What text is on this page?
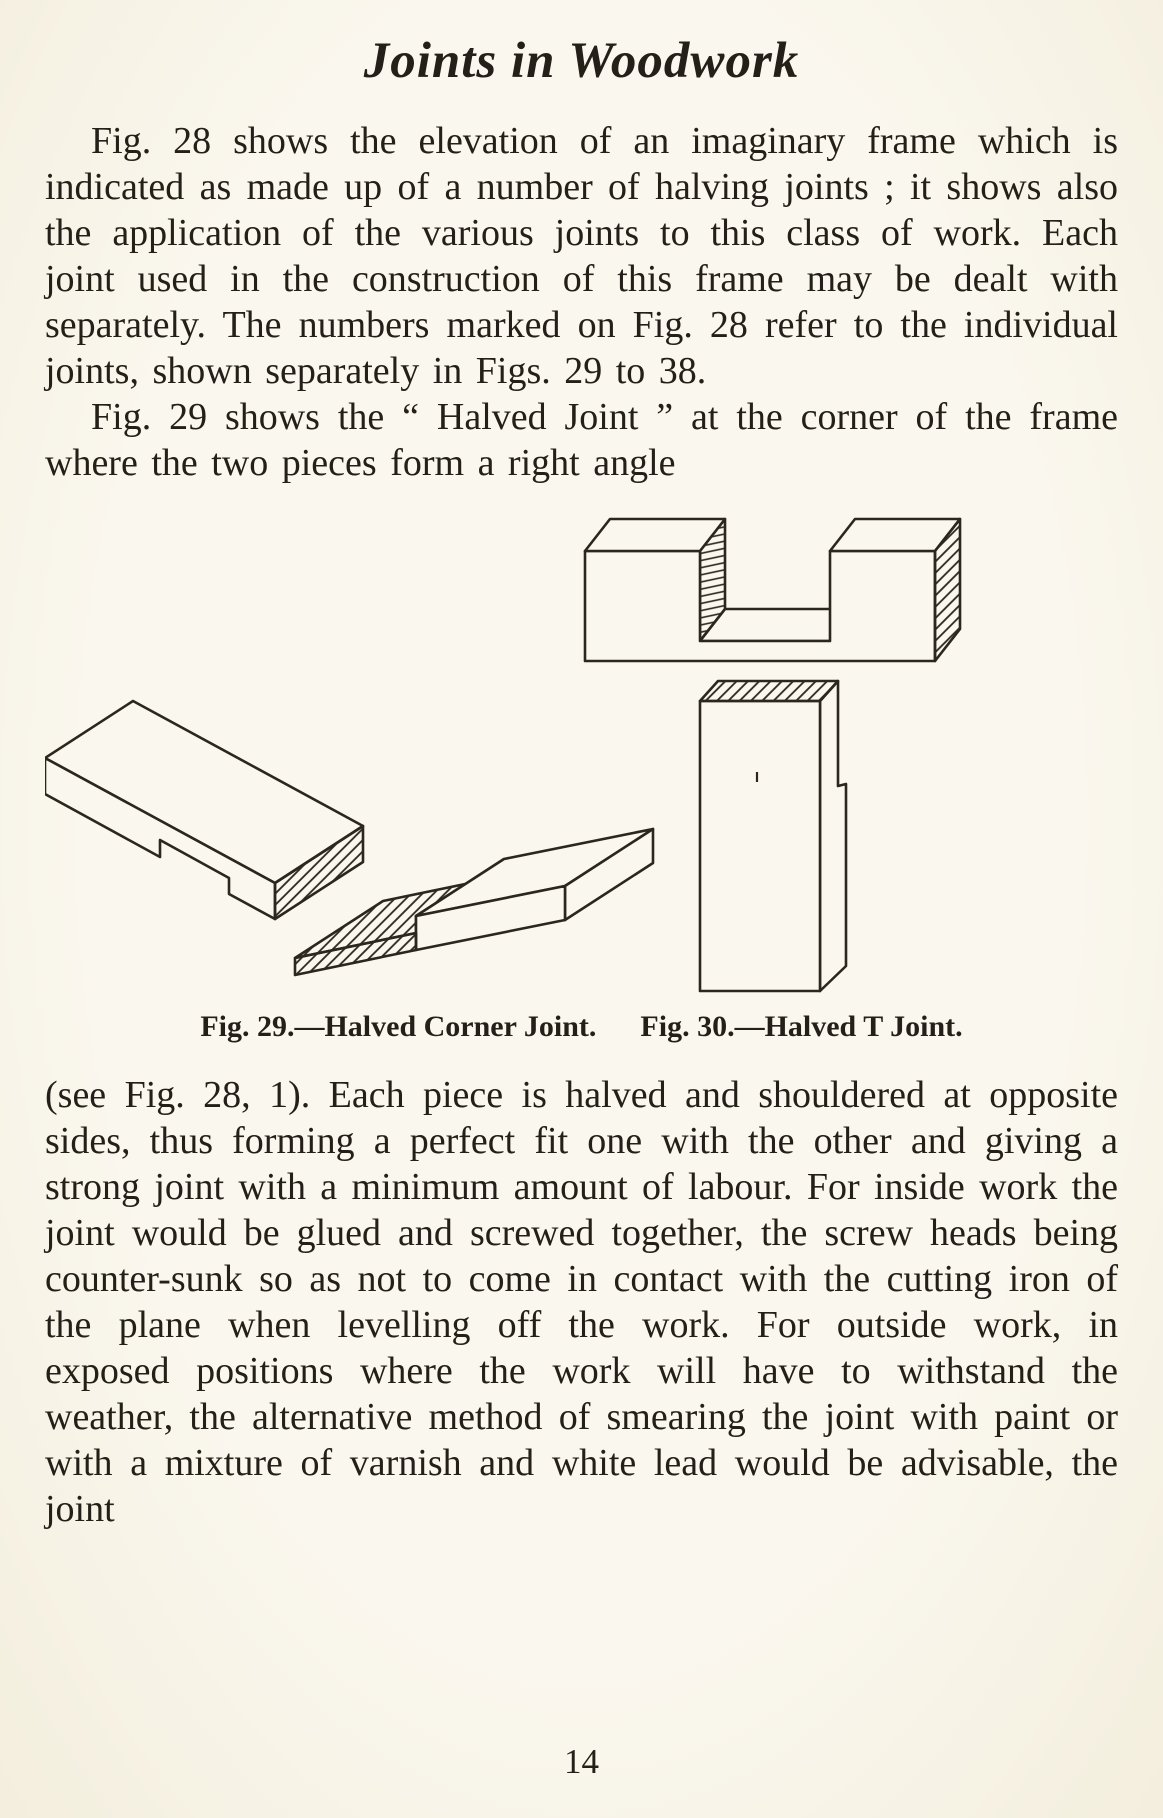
Joints in Woodwork

Fig. 28 shows the elevation of an imaginary frame which is indicated as made up of a number of halving joints ; it shows also the application of the various joints to this class of work. Each joint used in the construction of this frame may be dealt with separately. The numbers marked on Fig. 28 refer to the individual joints, shown separately in Figs. 29 to 38.

Fig. 29 shows the “ Halved Joint ” at the corner of the frame where the two pieces form a right angle

Fig. 29.—Halved Corner Joint. Fig. 30.—Halved T Joint.

(see Fig. 28, 1). Each piece is halved and shouldered at opposite sides, thus forming a perfect fit one with the other and giving a strong joint with a minimum amount of labour. For inside work the joint would be glued and screwed together, the screw heads being counter-sunk so as not to come in contact with the cutting iron of the plane when levelling off the work. For outside work, in exposed positions where the work will have to withstand the weather, the alternative method of smearing the joint with paint or with a mixture of varnish and white lead would be advisable, the joint

14
